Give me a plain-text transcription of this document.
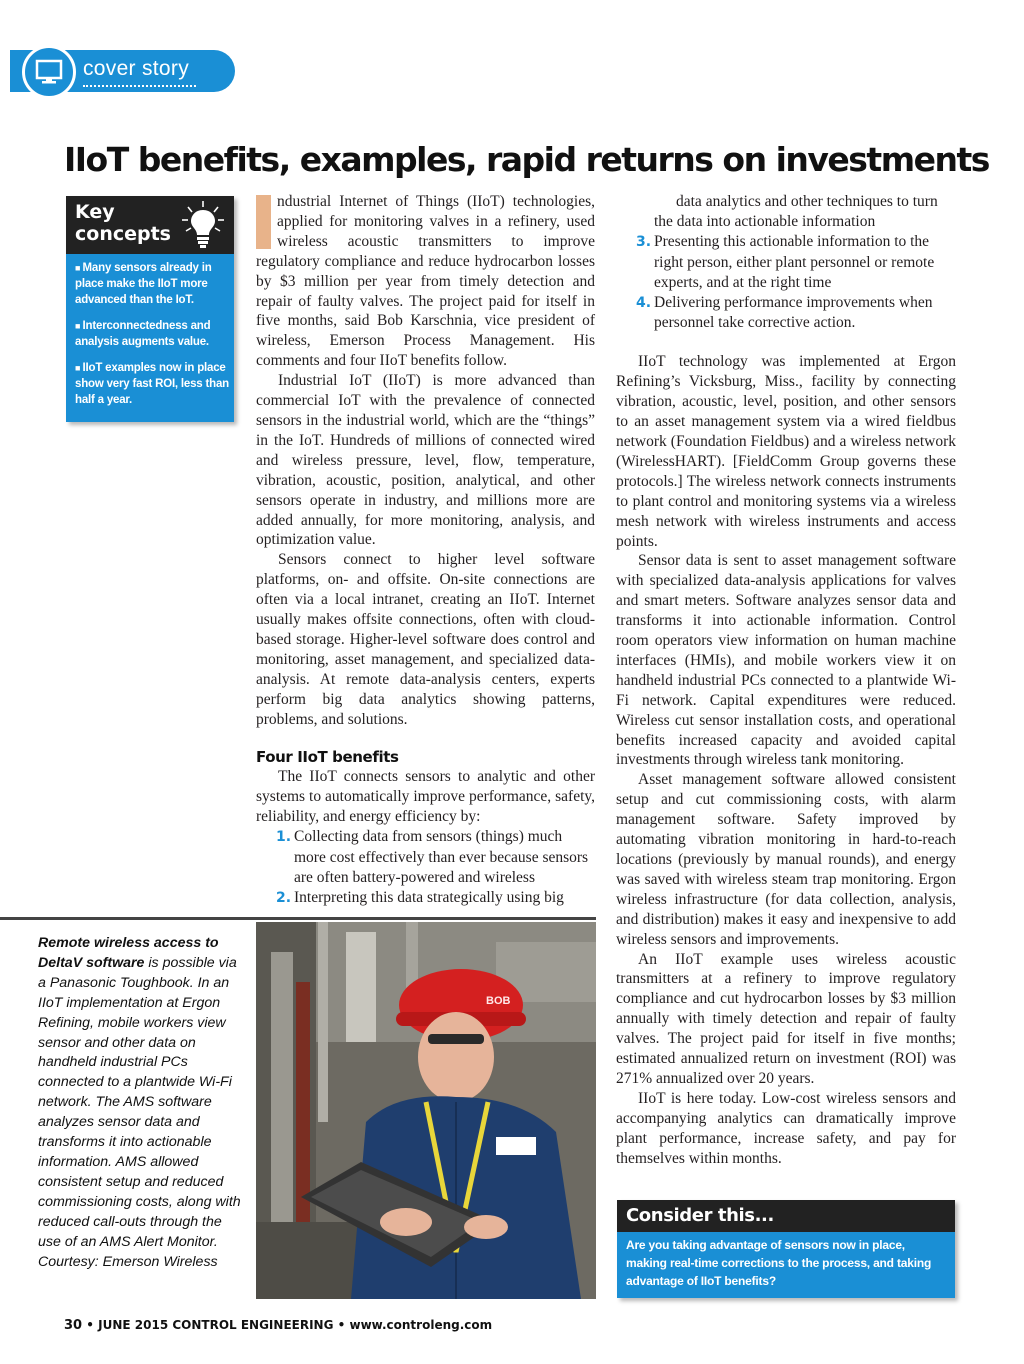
cover story
IIoT benefits, examples, rapid returns on investments
Key
concepts
■ Many sensors already in place make the IIoT more advanced than the IoT.
■ Interconnectedness and analysis augments value.
■ IIoT examples now in place show very fast ROI, less than half a year.

ndustrial Internet of Things (IIoT) technologies, applied for monitoring valves in a refinery, used wireless acoustic transmitters to improve regulatory compliance and reduce hydrocarbon losses by $3 million per year from timely detection and repair of faulty valves. The project paid for itself in five months, said Bob Karschnia, vice president of wireless, Emerson Process Management. His comments and four IIoT benefits follow.

Industrial IoT (IIoT) is more advanced than commercial IoT with the prevalence of connected sensors in the industrial world, which are the “things” in the IoT. Hundreds of millions of connected wired and wireless pressure, level, flow, temperature, vibration, acoustic, position, analytical, and other sensors operate in industry, and millions more are added annually, for more monitoring, analysis, and optimization value.

Sensors connect to higher level software platforms, on- and offsite. On-site connections are often via a local intranet, creating an IIoT. Internet usually makes offsite connections, often with cloud-based storage. Higher-level software does control and monitoring, asset management, and specialized data-analysis. At remote data-analysis centers, experts perform big data analytics showing patterns, problems, and solutions.

Four IIoT benefits

The IIoT connects sensors to analytic and other systems to automatically improve performance, safety, reliability, and energy efficiency by:

1. Collecting data from sensors (things) much more cost effectively than ever because sensors are often battery-powered and wireless
2. Interpreting this data strategically using big

data analytics and other techniques to turn the data into actionable information

3. Presenting this actionable information to the right person, either plant personnel or remote experts, and at the right time
4. Delivering performance improvements when personnel take corrective action.

IIoT technology was implemented at Ergon Refining’s Vicksburg, Miss., facility by connecting vibration, acoustic, level, position, and other sensors to an asset management system via a wired fieldbus network (Foundation Fieldbus) and a wireless network (WirelessHART). [FieldComm Group governs these protocols.] The wireless network connects instruments to plant control and monitoring systems via a wireless mesh network with wireless instruments and access points.

Sensor data is sent to asset management software with specialized data-analysis applications for valves and smart meters. Software analyzes sensor data and transforms it into actionable information. Control room operators view information on human machine interfaces (HMIs), and mobile workers view it on handheld industrial PCs connected to a plantwide Wi-Fi network. Capital expenditures were reduced. Wireless cut sensor installation costs, and operational benefits increased capacity and avoided capital investments through wireless tank monitoring.

Asset management software allowed consistent setup and cut commissioning costs, with alarm management software. Safety improved by automating vibration monitoring in hard-to-reach locations (previously by manual rounds), and energy was saved with wireless steam trap monitoring. Ergon wireless infrastructure (for data collection, analysis, and distribution) makes it easy and inexpensive to add wireless sensors and improvements.

An IIoT example uses wireless acoustic transmitters at a refinery to improve regulatory compliance and cut hydrocarbon losses by $3 million annually with timely detection and repair of faulty valves. The project paid for itself in five months; estimated annualized return on investment (ROI) was 271% annualized over 20 years.

IIoT is here today. Low-cost wireless sensors and accompanying analytics can dramatically improve plant performance, increase safety, and pay for themselves within months.

Remote wireless access to DeltaV software is possible via a Panasonic Toughbook. In an IIoT implementation at Ergon Refining, mobile workers view sensor and other data on handheld industrial PCs connected to a plantwide Wi-Fi network. The AMS software analyzes sensor data and transforms it into actionable information. AMS allowed consistent setup and reduced commissioning costs, along with reduced call-outs through the use of an AMS Alert Monitor. Courtesy: Emerson Wireless
BOB
Consider this...

Are you taking advantage of sensors now in place, making real-time corrections to the process, and taking advantage of IIoT benefits?

30 • JUNE 2015 CONTROL ENGINEERING • www.controleng.com
